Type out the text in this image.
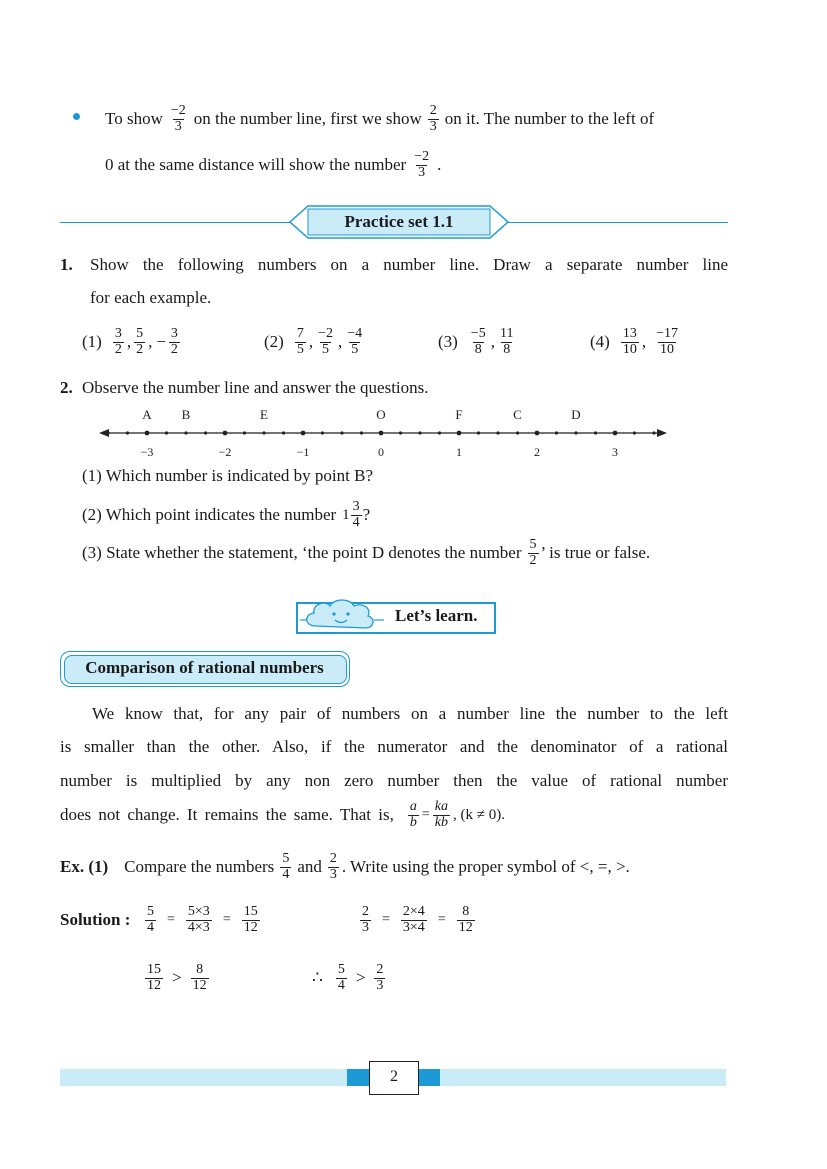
To show −2
3 on the number line, first we show 2
3 on it. The number to the left of
0 at the same distance will show the number −2
3 .
Practice set 1.1
1. Show the following numbers on a number line. Draw a separate number line
for each example.
(1) 3
2 , 5
2 , − $\frac{3}{2}$	(2) 7
5 , −2
5 , −4
5	(3) −5
8 , 11
8	(4) 13
10 , −17
10
2. Observe the number line and answer the questions.
−3	−2	−1	0	1	2	3
A B	E	O	F	C	D
(1) Which number is indicated by point B?
(2) Which point indicates the number 1
3
4 ?
(3) State whether the statement, ‘the point D denotes the number 5
2 ’ is true or false.
Let’s learn.
Comparison of rational numbers
We know that, for any pair of numbers on a number line the number to the left
is smaller than the other. Also, if the numerator and the denominator of a rational
number is multiplied by any non zero number then the value of rational number
does not change. It remains the same. That is, $\frac{a}{b} = \frac{ka}{kb}$ , (k ≠ 0).
Ex. (1) Compare the numbers 5
4 and 2
3 . Write using the proper symbol of <, =, >.
Solution : $\frac{5}{4} = \frac{5\times 3}{4\times 3} = \frac{15}{12}$	$\frac{2}{3} = \frac{2\times 4}{3\times 4} = \frac{8}{12}$
15
12 > 8
12	∴ 5
4 > 2
3
2
